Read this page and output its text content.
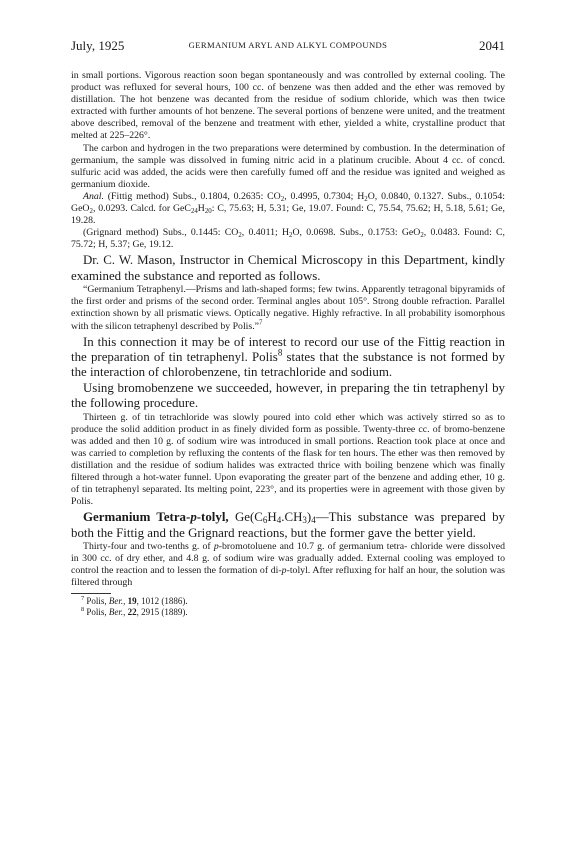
July, 1925	GERMANIUM ARYL AND ALKYL COMPOUNDS	2041

in small portions. Vigorous reaction soon began spontaneously and was controlled by external cooling. The product was refluxed for several hours, 100 cc. of benzene was then added and the ether was removed by distillation. The hot benzene was decanted from the residue of sodium chloride, which was then twice extracted with further amounts of hot benzene. The several portions of benzene were united, and the treatment above described, removal of the benzene and treatment with ether, yielded a white, crystalline product that melted at 225–226°.

The carbon and hydrogen in the two preparations were determined by combustion. In the determination of germanium, the sample was dissolved in fuming nitric acid in a platinum crucible. About 4 cc. of concd. sulfuric acid was added, the acids were then carefully fumed off and the residue was ignited and weighed as germanium dioxide.

Anal. (Fittig method) Subs., 0.1804, 0.2635: $CO_2$, 0.4995, 0.7304; $H_2O$, 0.0840, 0.1327. Subs., 0.1054: GeO$_2$, 0.0293. Calcd. for $GeC_{24}H_{20}$: C, 75.63; H, 5.31; Ge, 19.07. Found: C, 75.54, 75.62; H, 5.18, 5.61; Ge, 19.28.

(Grignard method) Subs., 0.1445: $CO_2$, 0.4011; $H_2O$, 0.0698. Subs., 0.1753: GeO$_2$, 0.0483. Found: C, 75.72; H, 5.37; Ge, 19.12.

Dr. C. W. Mason, Instructor in Chemical Microscopy in this Department, kindly examined the substance and reported as follows.

“Germanium Tetraphenyl.—Prisms and lath-shaped forms; few twins. Apparently tetragonal bipyramids of the first order and prisms of the second order. Terminal angles about 105°. Strong double refraction. Parallel extinction shown by all prismatic views. Optically negative. Highly refractive. In all probability isomorphous with the silicon tetraphenyl described by Polis.”$^7$

In this connection it may be of interest to record our use of the Fittig reaction in the preparation of tin tetraphenyl. Polis$^8$ states that the substance is not formed by the interaction of chlorobenzene, tin tetrachloride and sodium.

Using bromobenzene we succeeded, however, in preparing the tin tetraphenyl by the following procedure.

Thirteen g. of tin tetrachloride was slowly poured into cold ether which was actively stirred so as to produce the solid addition product in as finely divided form as possible. Twenty-three cc. of bromo-benzene was added and then 10 g. of sodium wire was introduced in small portions. Reaction took place at once and was carried to completion by refluxing the contents of the flask for ten hours. The ether was then removed by distillation and the residue of sodium halides was extracted thrice with boiling benzene which was finally filtered through a hot-water funnel. Upon evaporating the greater part of the benzene and adding ether, 10 g. of tin tetraphenyl separated. Its melting point, 223°, and its properties were in agreement with those given by Polis.

Germanium Tetra-p-tolyl, $Ge(C_6H_4.CH_3)_4—This$ substance was prepared by both the Fittig and the Grignard reactions, but the former gave the better yield.

Thirty-four and two-tenths g. of p-bromotoluene and 10.7 g. of germanium tetra- chloride were dissolved in 300 cc. of dry ether, and 4.8 g. of sodium wire was gradually added. External cooling was employed to control the reaction and to lessen the formation of di-p-tolyl. After refluxing for half an hour, the solution was filtered through

$^7$ Polis, Ber., 19, 1012 (1886).
$^8$ Polis, Ber., 22, 2915 (1889).
